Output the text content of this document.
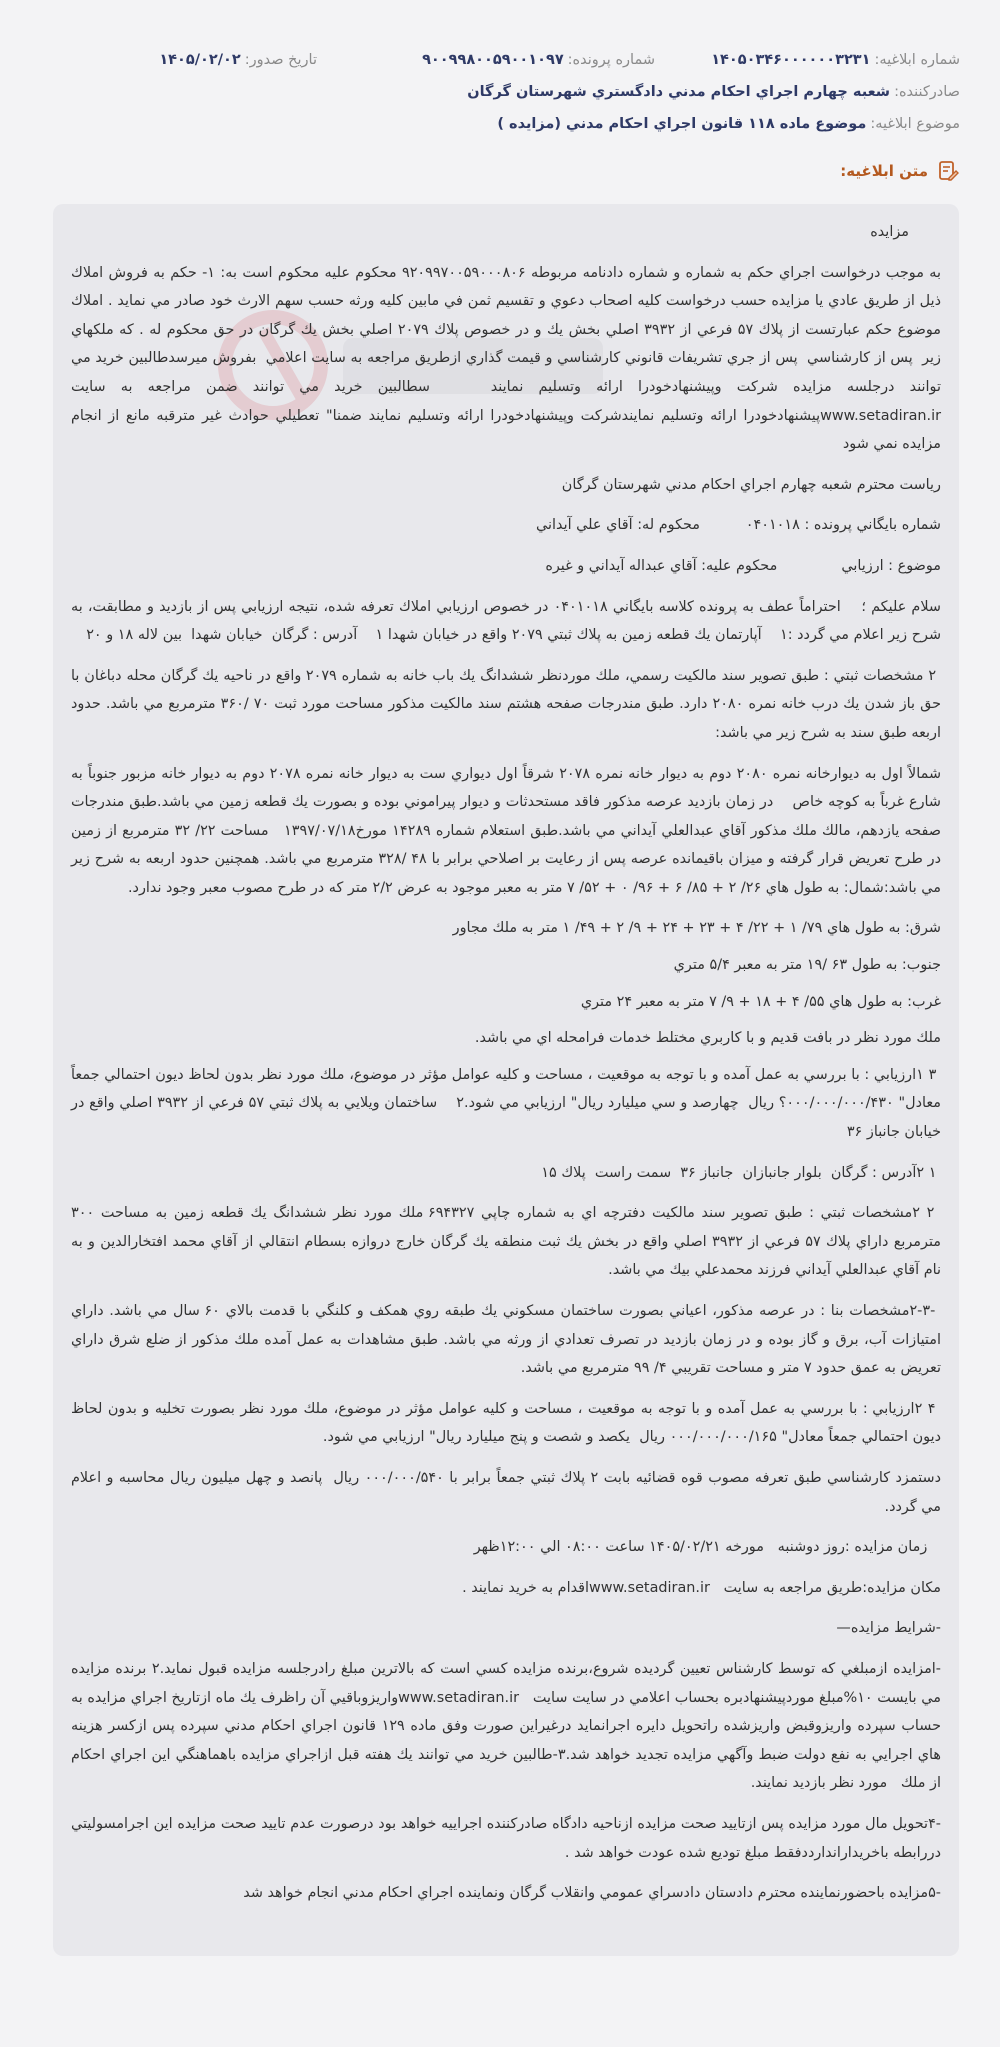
شماره ابلاغیه:
۱۴۰۵۰۳۴۶۰۰۰۰۰۰۳۲۳۱
شماره پرونده:
۹۰۰۹۹۸۰۰۵۹۰۰۱۰۹۷
تاریخ صدور:
۱۴۰۵/۰۲/۰۲
صادرکننده:
شعبه چهارم اجراي احكام مدني دادگستري شهرستان گرگان
موضوع ابلاغیه:
موضوع ماده ۱۱۸ قانون اجراي احكام مدني (مزايده )
متن ابلاغیه:

مزايده

به موجب درخواست اجراي حكم به شماره و شماره دادنامه مربوطه ۹۲۰۹۹۷۰۰۵۹۰۰۰۸۰۶ محكوم عليه محكوم است به: ۱- حكم به فروش املاك ذيل از طريق عادي يا مزايده حسب درخواست كليه اصحاب دعوي و تقسيم ثمن في مابين كليه ورثه حسب سهم الارث خود صادر مي نمايد . املاك موضوع حكم عبارتست از پلاك ۵۷ فرعي از ۳۹۳۲ اصلي بخش يك و در خصوص پلاك ۲۰۷۹ اصلي بخش يك گرگان در حق محكوم له . كه ملكهاي  زير  پس از كارشناسي  پس از جري تشريفات قانوني كارشناسي و قيمت گذاري ازطريق مراجعه به سايت اعلامي  بفروش ميرسدطالبين خريد مي توانند درجلسه مزايده شركت وپيشنهادخودرا ارائه وتسليم نمايند    سطالبين خريد مي توانند ضمن مراجعه به سايت  www.setadiran.irپيشنهادخودرا ارائه وتسليم نمايندشركت وپيشنهادخودرا ارائه وتسليم نمايند ضمنا" تعطيلي حوادث غير مترقبه مانع از انجام مزايده نمي شود

رياست محترم شعبه چهارم اجراي احكام مدني شهرستان گرگان

شماره بايگاني پرونده : ۰۴۰۱۰۱۸          محكوم له: آقاي علي آيداني

موضوع : ارزيابي              محكوم عليه: آقاي عبداله آيداني و غيره

سلام عليكم ؛    احتراماً عطف به پرونده كلاسه بايگاني ۰۴۰۱۰۱۸ در خصوص ارزيابي املاك تعرفه شده، نتيجه ارزيابي پس از بازديد و مطابقت، به شرح زير اعلام مي گردد :۱    آپارتمان يك قطعه زمين به پلاك ثبتي ۲۰۷۹ واقع در خيابان شهدا ۱    آدرس : گرگان  خيابان شهدا  بين لاله ۱۸ و ۲۰

۲ مشخصات ثبتي : طبق تصوير سند مالكيت رسمي، ملك موردنظر ششدانگ يك باب خانه به شماره ۲۰۷۹ واقع در ناحيه يك گرگان محله دباغان با حق باز شدن يك درب خانه نمره ۲۰۸۰ دارد. طبق مندرجات صفحه هشتم سند مالكيت مذكور مساحت مورد ثبت ۷۰ /۳۶۰ مترمربع مي باشد. حدود اربعه طبق سند به شرح زير مي باشد:

شمالاً اول به ديوارخانه نمره ۲۰۸۰ دوم به ديوار خانه نمره ۲۰۷۸ شرقاً اول ديواري ست به ديوار خانه نمره ۲۰۷۸ دوم به ديوار خانه مزبور جنوباً به شارع غرباً به كوچه خاص    در زمان بازديد عرصه مذكور فاقد مستحدثات و ديوار پيراموني بوده و بصورت يك قطعه زمين مي باشد.طبق مندرجات صفحه يازدهم، مالك ملك مذكور آقاي عبدالعلي آيداني مي باشد.طبق استعلام شماره ۱۴۲۸۹ مورخ۱۳۹۷/۰۷/۱۸   مساحت ۲۲/ ۳۲ مترمربع از زمين در طرح تعريض قرار گرفته و ميزان باقيمانده عرصه پس از رعايت بر اصلاحي برابر با ۴۸ /۳۲۸ مترمربع مي باشد. همچنين حدود اربعه به شرح زير مي باشد:شمال: به طول هاي ۲۶/ ۲ + ۸۵/ ۶ + ۹۶/ ۰ + ۵۲/ ۷ متر به معبر موجود به عرض ۲/۲ متر كه در طرح مصوب معبر وجود ندارد.

شرق: به طول هاي ۷۹/ ۱ + ۲۲/ ۴ + ۲۳ + ۲۴ + ۹/ ۲ + ۴۹/ ۱ متر به ملك مجاور

جنوب: به طول ۶۳ /۱۹ متر به معبر ۵/۴ متري

غرب: به طول هاي ۵۵/ ۴ + ۱۸ + ۹/ ۷ متر به معبر ۲۴ متري

ملك مورد نظر در بافت قديم و با كاربري مختلط خدمات فرامحله اي مي باشد.

۳ ۱ارزيابي : با بررسي به عمل آمده و با توجه به موقعيت ، مساحت و كليه عوامل مؤثر در موضوع، ملك مورد نظر بدون لحاظ ديون احتمالي جمعاً معادل" ۰۰۰/۰۰۰/۰۰۰/۴۳۰؟ ريال  چهارصد و سي ميليارد ريال" ارزيابي مي شود.۲    ساختمان ويلايي به پلاك ثبتي ۵۷ فرعي از ۳۹۳۲ اصلي واقع در خيابان جانباز ۳۶

۱ ۲آدرس : گرگان  بلوار جانبازان  جانباز ۳۶  سمت راست  پلاك ۱۵

۲ ۲مشخصات ثبتي : طبق تصوير سند مالكيت دفترچه اي به شماره چاپي ۶۹۴۳۲۷ ملك مورد نظر ششدانگ يك قطعه زمين به مساحت ۳۰۰ مترمربع داراي پلاك ۵۷ فرعي از ۳۹۳۲ اصلي واقع در بخش يك ثبت منطقه يك گرگان خارج دروازه بسطام انتقالي از آقاي محمد افتخارالدين و به نام آقاي عبدالعلي آيداني فرزند محمدعلي بيك مي باشد.

-۲-۳مشخصات بنا : در عرصه مذكور، اعياني بصورت ساختمان مسكوني يك طبقه روي همكف و كلنگي با قدمت بالاي ۶۰ سال مي باشد. داراي امتيازات آب، برق و گاز بوده و در زمان بازديد در تصرف تعدادي از ورثه مي باشد. طبق مشاهدات به عمل آمده ملك مذكور از ضلع شرق داراي تعريض به عمق حدود ۷ متر و مساحت تقريبي ۴/ ۹۹ مترمربع مي باشد.

۴ ۲ارزيابي : با بررسي به عمل آمده و با توجه به موقعيت ، مساحت و كليه عوامل مؤثر در موضوع، ملك مورد نظر بصورت تخليه و بدون لحاظ ديون احتمالي جمعاً معادل" ۰۰۰/۰۰۰/۰۰۰/۱۶۵ ريال  يكصد و شصت و پنج ميليارد ريال" ارزيابي مي شود.

دستمزد كارشناسي طبق تعرفه مصوب قوه قضائيه بابت ۲ پلاك ثبتي جمعاً برابر با ۰۰۰/۰۰۰/۵۴۰ ريال  پانصد و چهل ميليون ريال محاسبه و اعلام مي گردد.

زمان مزايده :روز دوشنبه   مورخه ۱۴۰۵/۰۲/۲۱ ساعت ۰۸:۰۰ الي ۱۲:۰۰ظهر

مكان مزايده:طريق مراجعه به سايت   www.setadiran.irاقدام به خريد نمايند .

-شرايط مزايده—

-امزايده ازمبلغي كه توسط كارشناس تعيين گرديده شروع،برنده مزايده كسي است كه بالاترين مبلغ رادرجلسه مزايده قبول نمايد.۲ برنده مزايده مي بايست ۱۰%مبلغ موردپيشنهادبره بحساب اعلامي در سايت سايت   www.setadiran.irواريزوباقيي آن راظرف يك ماه ازتاريخ اجراي مزايده به حساب سپرده واريزوقبض واريزشده راتحويل دايره اجرانمايد درغيراين صورت وفق ماده ۱۲۹ قانون اجراي احكام مدني سپرده پس ازكسر هزينه هاي اجرايي به نفع دولت ضبط وآگهي مزايده تجديد خواهد شد.۳-طالبين خريد مي توانند يك هفته قبل ازاجراي مزايده باهماهنگي اين اجراي احكام از ملك   مورد نظر بازديد نمايند.

-۴تحويل مال مورد مزايده پس ازتاييد صحت مزايده ازناحيه دادگاه صادركننده اجراييه خواهد بود درصورت عدم تاييد صحت مزايده اين اجرامسولیتي دررابطه باخريداراندارددفقط مبلغ توديع شده عودت خواهد شد .

-۵مزايده باحضورنماينده محترم دادستان دادسراي عمومي وانقلاب گرگان ونماينده اجراي احكام مدني انجام خواهد شد
